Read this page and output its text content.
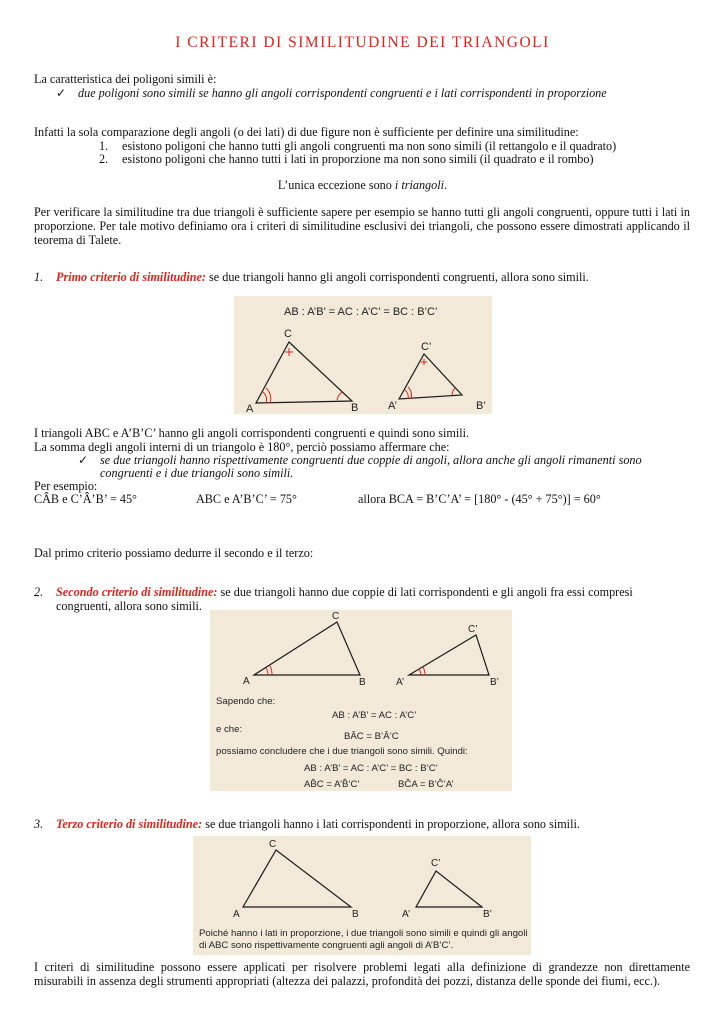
I CRITERI DI SIMILITUDINE DEI TRIANGOLI

La caratteristica dei poligoni simili è:

✓ due poligoni sono simili se hanno gli angoli corrispondenti congruenti e i lati corrispondenti in proporzione

Infatti la sola comparazione degli angoli (o dei lati) di due figure non è sufficiente per definire una similitudine:

1. esistono poligoni che hanno tutti gli angoli congruenti ma non sono simili (il rettangolo e il quadrato)

2. esistono poligoni che hanno tutti i lati in proporzione ma non sono simili (il quadrato e il rombo)

L’unica eccezione sono i triangoli.

Per verificare la similitudine tra due triangoli è sufficiente sapere per esempio se hanno tutti gli angoli congruenti, oppure tutti i lati in proporzione. Per tale motivo definiamo ora i criteri di similitudine esclusivi dei triangoli, che possono essere dimostrati applicando il teorema di Talete.

1. Primo criterio di similitudine: se due triangoli hanno gli angoli corrispondenti congruenti, allora sono simili.

AB : A’B’ = AC : A’C’ = BC : B’C’
A	B
C
A’	B’
C’

I triangoli ABC e A’B’C’ hanno gli angoli corrispondenti congruenti e quindi sono simili.

La somma degli angoli interni di un triangolo è 180°, perciò possiamo affermare che:

✓ se due triangoli hanno rispettivamente congruenti due coppie di angoli, allora anche gli angoli rimanenti sono

congruenti e i due triangoli sono simili.

Per esempio:

CÂB e C’Â’B’ = 45°	ABC e A’B’C’ = 75°	allora BCA = B’C’A’ = [180° - (45° + 75°)] = 60°

Dal primo criterio possiamo dedurre il secondo e il terzo:

2. Secondo criterio di similitudine: se due triangoli hanno due coppie di lati corrispondenti e gli angoli fra essi compresi

congruenti, allora sono simili.

A	B
C
A’	B’
C’

Sapendo che:

AB : A’B’ = AC : A’C’

e che:

BÂC = B’Â’C

possiamo concludere che i due triangoli sono simili. Quindi:

AB : A’B’ = AC : A’C’ = BC : B’C’

AB̂C = A’B̂’C’	BĈA = B’Ĉ’A’

3. Terzo criterio di similitudine: se due triangoli hanno i lati corrispondenti in proporzione, allora sono simili.

A	B
C
A’	B’
C’

Poiché hanno i lati in proporzione, i due triangoli sono simili e quindi gli angoli

di ABC sono rispettivamente congruenti agli angoli di A’B’C’.

I criteri di similitudine possono essere applicati per risolvere problemi legati alla definizione di grandezze non direttamente

misurabili in assenza degli strumenti appropriati (altezza dei palazzi, profondità dei pozzi, distanza delle sponde dei fiumi, ecc.).
